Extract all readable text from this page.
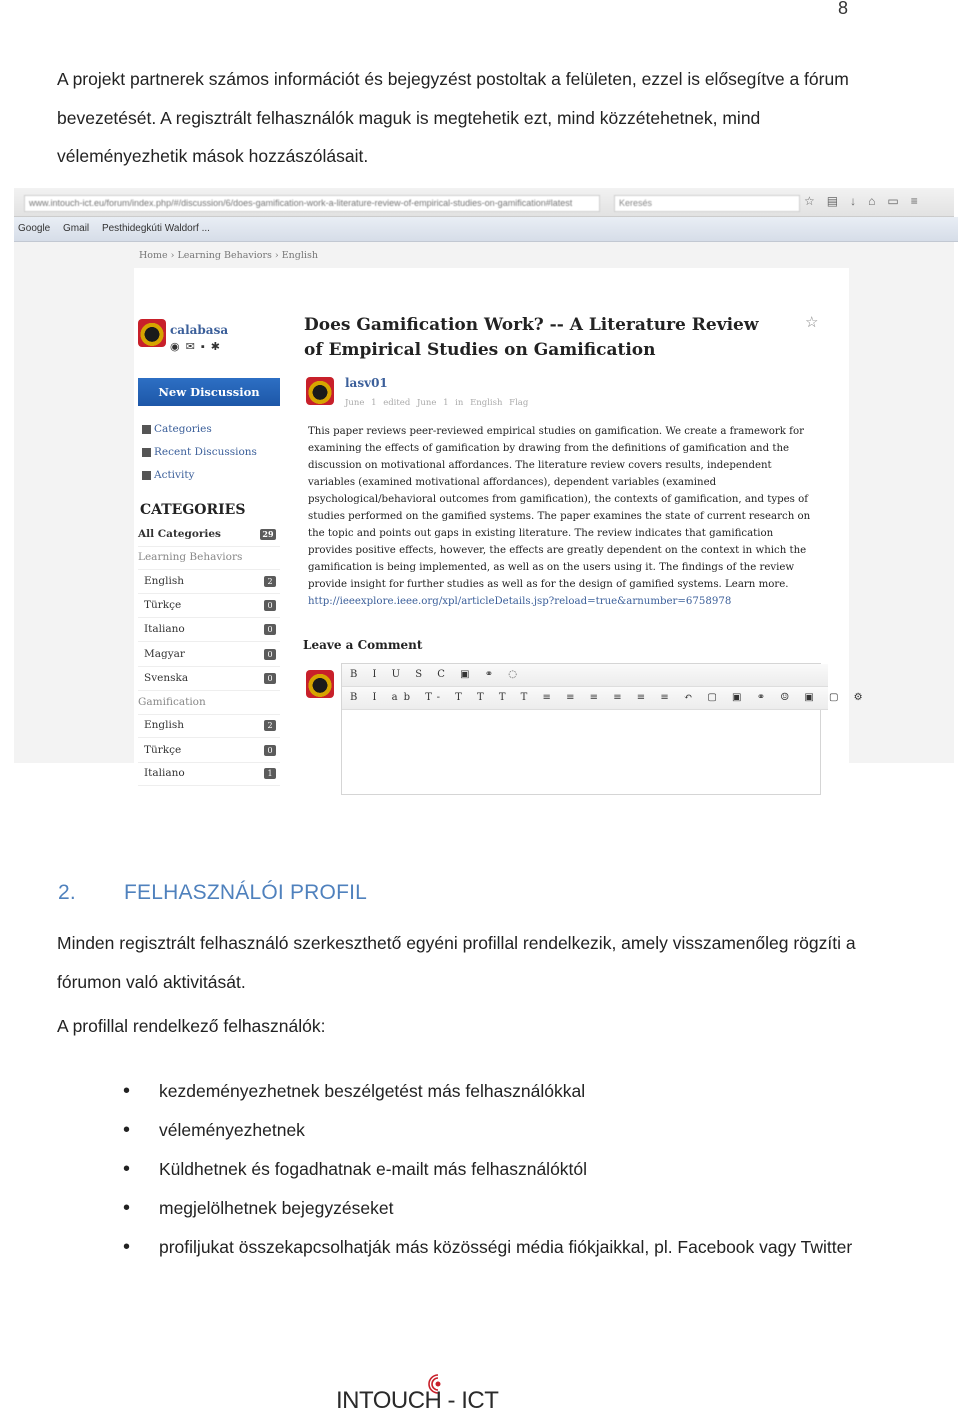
8

A projekt partnerek számos információt és bejegyzést postoltak a felületen, ezzel is elősegítve a fórum bevezetését. A regisztrált felhasználók maguk is megtehetik ezt, mind közzétehetnek, mind véleményezhetik mások hozzászólásait.

www.intouch-ict.eu/forum/index.php/#/discussion/6/does-gamification-work-a-literature-review-of-empirical-studies-on-gamification#latest	Keresés	☆▤↓⌂▭≡
Google Gmail Pesthidegkúti Waldorf ...
Home › Learning Behaviors › English
calabasa
◉✉▪✱
New Discussion
Categories
Recent Discussions
Activity
CATEGORIES
All Categories	29
Learning Behaviors
English	2
Türkçe	0
Italiano	0
Magyar	0
Svenska	0
Gamification
English	2
Türkçe	0
Italiano	1
Does Gamification Work? -- A Literature Review of Empirical Studies on Gamification
☆
lasv01
June 1 edited June 1 in English Flag
This paper reviews peer-reviewed empirical studies on gamification. We create a framework for examining the effects of gamification by drawing from the definitions of gamification and the discussion on motivational affordances. The literature review covers results, independent variables (examined motivational affordances), dependent variables (examined psychological/behavioral outcomes from gamification), the contexts of gamification, and types of studies performed on the gamified systems. The paper examines the state of current research on the topic and points out gaps in existing literature. The review indicates that gamification provides positive effects, however, the effects are greatly dependent on the context in which the gamification is being implemented, as well as on the users using it. The findings of the review provide insight for further studies as well as for the design of gamified systems. Learn more.
http://ieeexplore.ieee.org/xpl/articleDetails.jsp?reload=true&arnumber=6758978
Leave a Comment
B I U S C ▣ ⚭ ◌
B I ab T- T T T T ≡ ≡ ≡ ≡ ≡ ≡ ↶ ▢ ▣ ⚭ ☺ ▣ ▢ ⚙
2. FELHASZNÁLÓI PROFIL

Minden regisztrált felhasználó szerkeszthető egyéni profillal rendelkezik, amely visszamenőleg rögzíti a fórumon való aktivitását.

A profillal rendelkező felhasználók:
• kezdeményezhetnek beszélgetést más felhasználókkal
• véleményezhetnek
• Küldhetnek és fogadhatnak e-mailt más felhasználóktól
• megjelölhetnek bejegyzéseket
• profiljukat összekapcsolhatják más közösségi média fiókjaikkal, pl. Facebook vagy Twitter
INTOUCH - ICT
